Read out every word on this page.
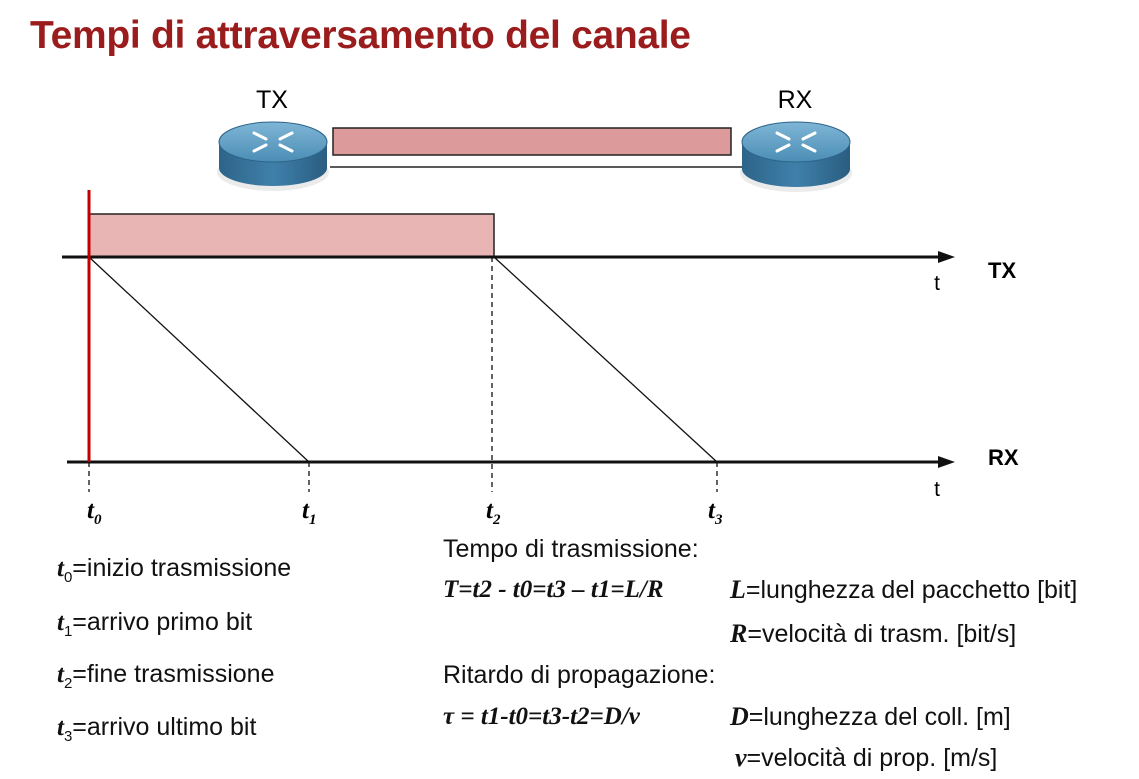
Tempi di attraversamento del canale
TX	RX
t
TX
t
RX
$t_0$	$t_1$	$t_2$	$t_3$
$t_0=inizio$ trasmissione
$t_1=arrivo$ primo bit
$t_2=fine$ trasmissione
$t_3=arrivo$ ultimo bit
Tempo di trasmissione:
T=t2 - t0=t3 – t1=L/R	L=lunghezza del pacchetto [bit]
R=velocità di trasm. [bit/s]
Ritardo di propagazione:
τ = t1-t0=t3-t2=D/ν	D=lunghezza del coll. [m]
ν=velocità di prop. [m/s]
